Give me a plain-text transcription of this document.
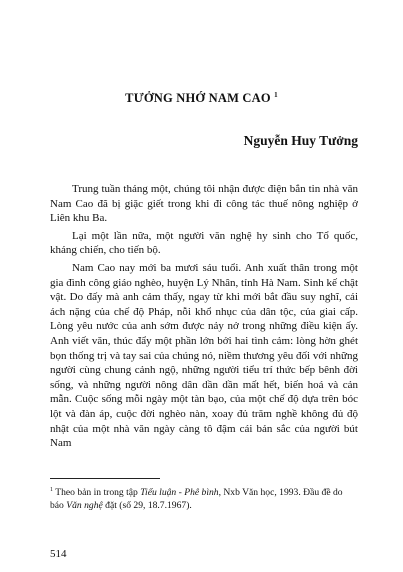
TƯỞNG NHỚ NAM CAO $^1$
Nguyễn Huy Tưởng

Trung tuần tháng một, chúng tôi nhận được điện bắn tin nhà văn Nam Cao đã bị giặc giết trong khi đi công tác thuế nông nghiệp ở Liên khu Ba.

Lại một lần nữa, một người văn nghệ hy sinh cho Tổ quốc, kháng chiến, cho tiến bộ.

Nam Cao nay mới ba mươi sáu tuổi. Anh xuất thân trong một gia đình công giáo nghèo, huyện Lý Nhân, tỉnh Hà Nam. Sinh kế chật vật. Do đấy mà anh cảm thấy, ngay từ khi mới bắt đầu suy nghĩ, cái ách nặng của chế độ Pháp, nỗi khổ nhục của dân tộc, của giai cấp. Lòng yêu nước của anh sớm được nảy nở trong những điều kiện ấy. Anh viết văn, thúc đẩy một phần lớn bởi hai tình cảm: lòng hờn ghét bọn thống trị và tay sai của chúng nó, niềm thương yêu đối với những người cùng chung cảnh ngộ, những người tiểu trí thức bếp bênh đời sống, và những người nông dân dần dần mất hết, biến hoá và cản mẫn. Cuộc sống mỗi ngày một tàn bạo, của một chế độ dựa trên bóc lột và đàn áp, cuộc đời nghèo nàn, xoay đủ trăm nghề không đủ độ nhật của một nhà văn ngày càng tô đậm cái bản sắc của người bút Nam

$^1$ Theo bản in trong tập Tiểu luận - Phê bình, Nxb Văn học, 1993. Đầu đề do báo Văn nghệ đặt (số 29, 18.7.1967).
514
